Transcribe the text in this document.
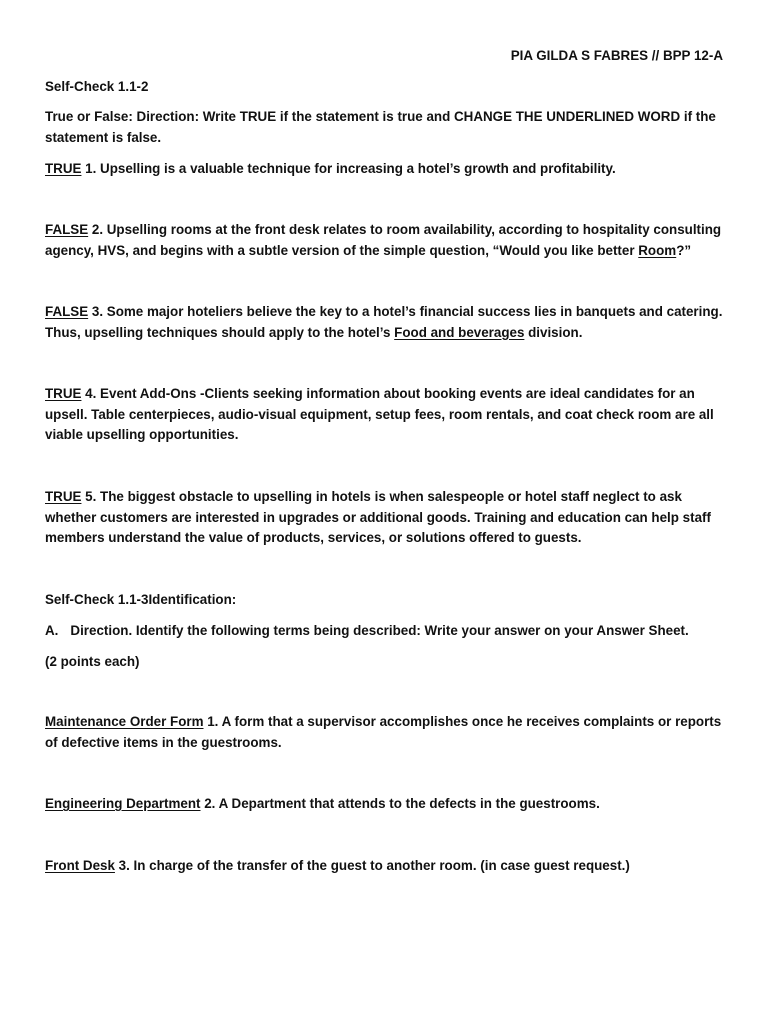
PIA GILDA S FABRES // BPP 12-A
Self-Check 1.1-2
True or False: Direction: Write TRUE if the statement is true and CHANGE THE UNDERLINED WORD if the statement is false.
TRUE 1. Upselling is a valuable technique for increasing a hotel’s growth and profitability.
FALSE 2. Upselling rooms at the front desk relates to room availability, according to hospitality consulting agency, HVS, and begins with a subtle version of the simple question, “Would you like better Room?”
FALSE 3. Some major hoteliers believe the key to a hotel’s financial success lies in banquets and catering. Thus, upselling techniques should apply to the hotel’s Food and beverages division.
TRUE 4. Event Add-Ons -Clients seeking information about booking events are ideal candidates for an upsell. Table centerpieces, audio-visual equipment, setup fees, room rentals, and coat check room are all viable upselling opportunities.
TRUE 5. The biggest obstacle to upselling in hotels is when salespeople or hotel staff neglect to ask whether customers are interested in upgrades or additional goods. Training and education can help staff members understand the value of products, services, or solutions offered to guests.
Self-Check 1.1-3Identification:
A. Direction. Identify the following terms being described: Write your answer on your Answer Sheet.
(2 points each)
Maintenance Order Form 1. A form that a supervisor accomplishes once he receives complaints or reports of defective items in the guestrooms.
Engineering Department 2. A Department that attends to the defects in the guestrooms.
Front Desk 3. In charge of the transfer of the guest to another room. (in case guest request.)
